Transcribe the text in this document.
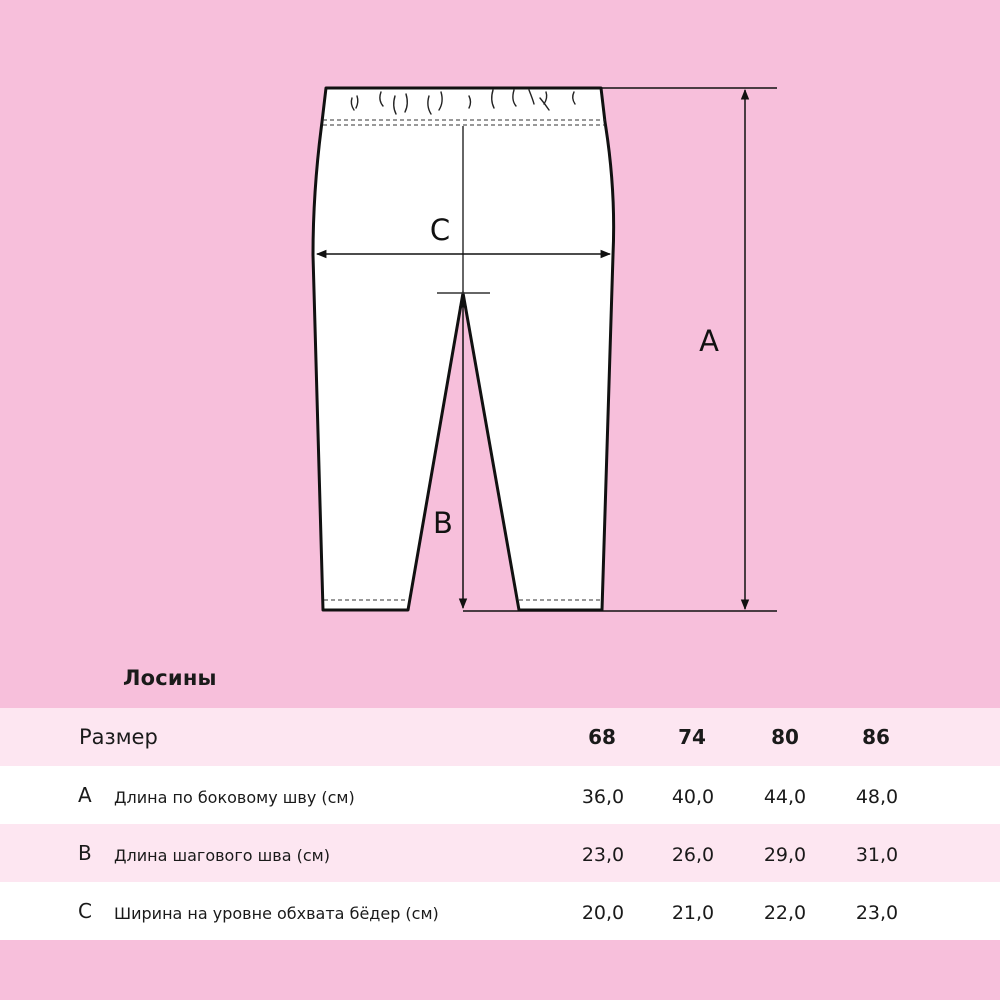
C
B
A
Лосины
Размер	68	74	80	86
A Длина по боковому шву (см)	36,0	40,0	44,0	48,0
B Длина шагового шва (см)	23,0	26,0	29,0	31,0
C Ширина на уровне обхвата бёдер (см)	20,0	21,0	22,0	23,0
